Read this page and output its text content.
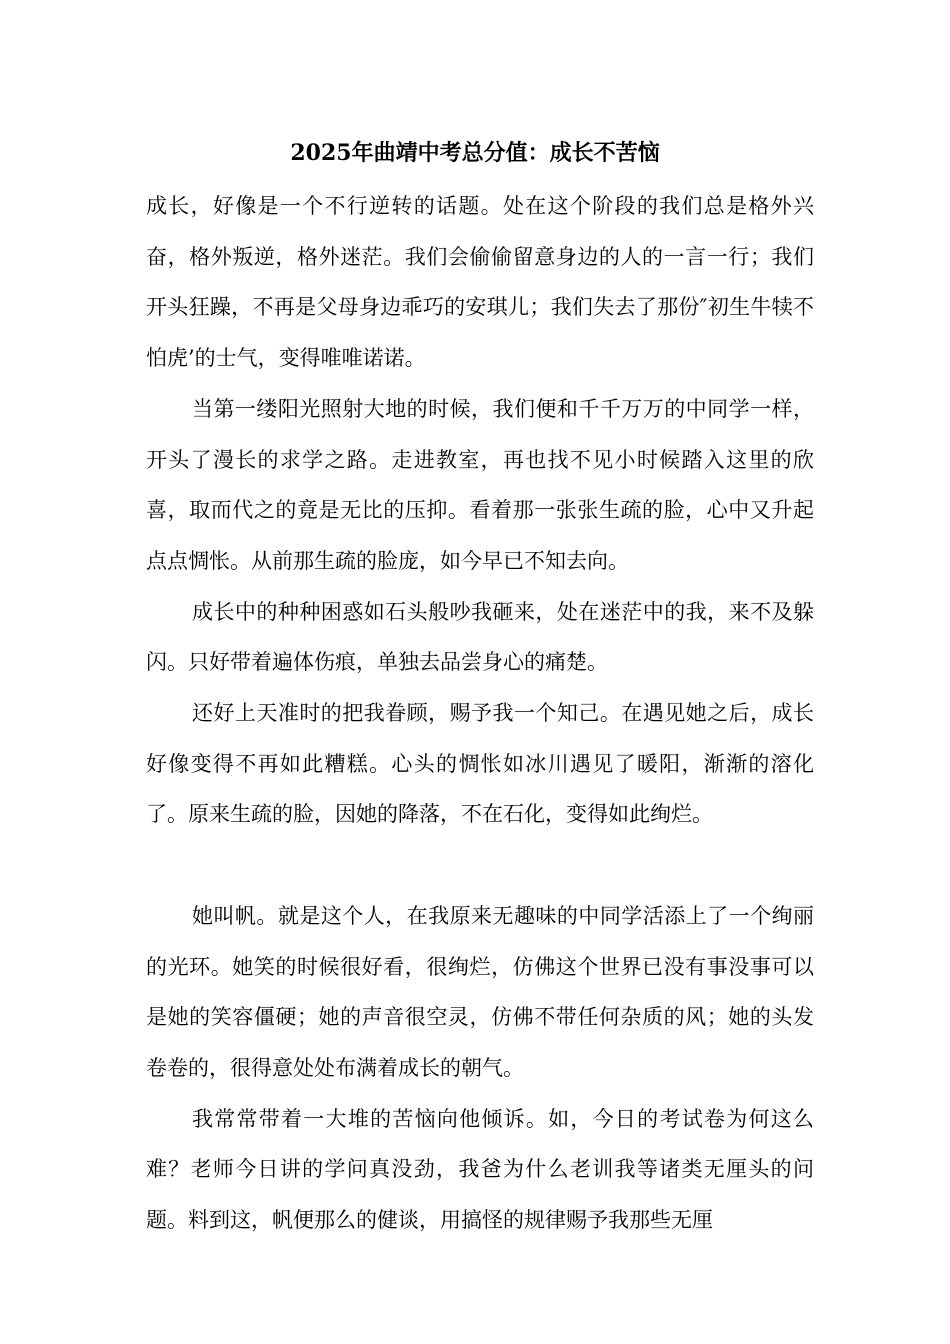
2025年曲靖中考总分值：成长不苦恼

成长，好像是一个不行逆转的话题。处在这个阶段的我们总是格外兴奋，格外叛逆，格外迷茫。我们会偷偷留意身边的人的一言一行；我们开头狂躁，不再是父母身边乖巧的安琪儿；我们失去了那份″初生牛犊不怕虎’的士气，变得唯唯诺诺。

当第一缕阳光照射大地的时候，我们便和千千万万的中同学一样，开头了漫长的求学之路。走进教室，再也找不见小时候踏入这里的欣喜，取而代之的竟是无比的压抑。看着那一张张生疏的脸，心中又升起点点惆怅。从前那生疏的脸庞，如今早已不知去向。

成长中的种种困惑如石头般吵我砸来，处在迷茫中的我，来不及躲闪。只好带着遍体伤痕，单独去品尝身心的痛楚。

还好上天准时的把我眷顾，赐予我一个知己。在遇见她之后，成长好像变得不再如此糟糕。心头的惆怅如冰川遇见了暖阳，渐渐的溶化了。原来生疏的脸，因她的降落，不在石化，变得如此绚烂。

她叫帆。就是这个人，在我原来无趣味的中同学活添上了一个绚丽的光环。她笑的时候很好看，很绚烂，仿佛这个世界已没有事没事可以是她的笑容僵硬；她的声音很空灵，仿佛不带任何杂质的风；她的头发卷卷的，很得意处处布满着成长的朝气。

我常常带着一大堆的苦恼向他倾诉。如，今日的考试卷为何这么难？老师今日讲的学问真没劲，我爸为什么老训我等诸类无厘头的问题。料到这，帆便那么的健谈，用搞怪的规律赐予我那些无厘
